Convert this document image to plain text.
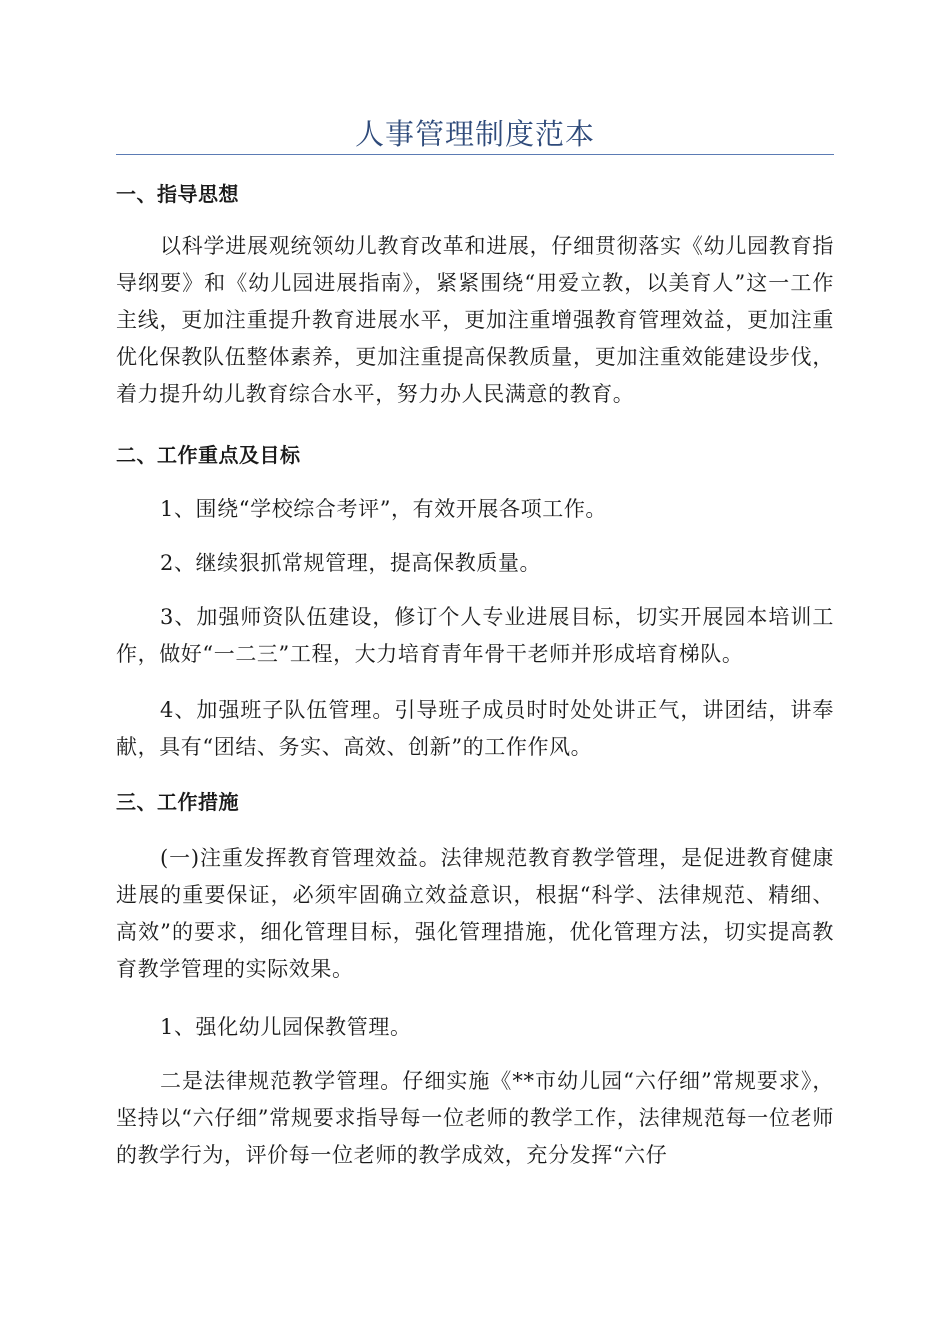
人事管理制度范本
一、指导思想

以科学进展观统领幼儿教育改革和进展，仔细贯彻落实《幼儿园教育指导纲要》和《幼儿园进展指南》，紧紧围绕“用爱立教，以美育人”这一工作主线，更加注重提升教育进展水平，更加注重增强教育管理效益，更加注重优化保教队伍整体素养，更加注重提高保教质量，更加注重效能建设步伐，着力提升幼儿教育综合水平，努力办人民满意的教育。

二、工作重点及目标

1、围绕“学校综合考评”，有效开展各项工作。

2、继续狠抓常规管理，提高保教质量。

3、加强师资队伍建设，修订个人专业进展目标，切实开展园本培训工作，做好“一二三”工程，大力培育青年骨干老师并形成培育梯队。

4、加强班子队伍管理。引导班子成员时时处处讲正气，讲团结，讲奉献，具有“团结、务实、高效、创新”的工作作风。

三、工作措施

(一)注重发挥教育管理效益。法律规范教育教学管理，是促进教育健康进展的重要保证，必须牢固确立效益意识，根据“科学、法律规范、精细、高效”的要求，细化管理目标，强化管理措施，优化管理方法，切实提高教育教学管理的实际效果。

1、强化幼儿园保教管理。

二是法律规范教学管理。仔细实施《**市幼儿园“六仔细”常规要求》，坚持以“六仔细”常规要求指导每一位老师的教学工作，法律规范每一位老师的教学行为，评价每一位老师的教学成效，充分发挥“六仔
